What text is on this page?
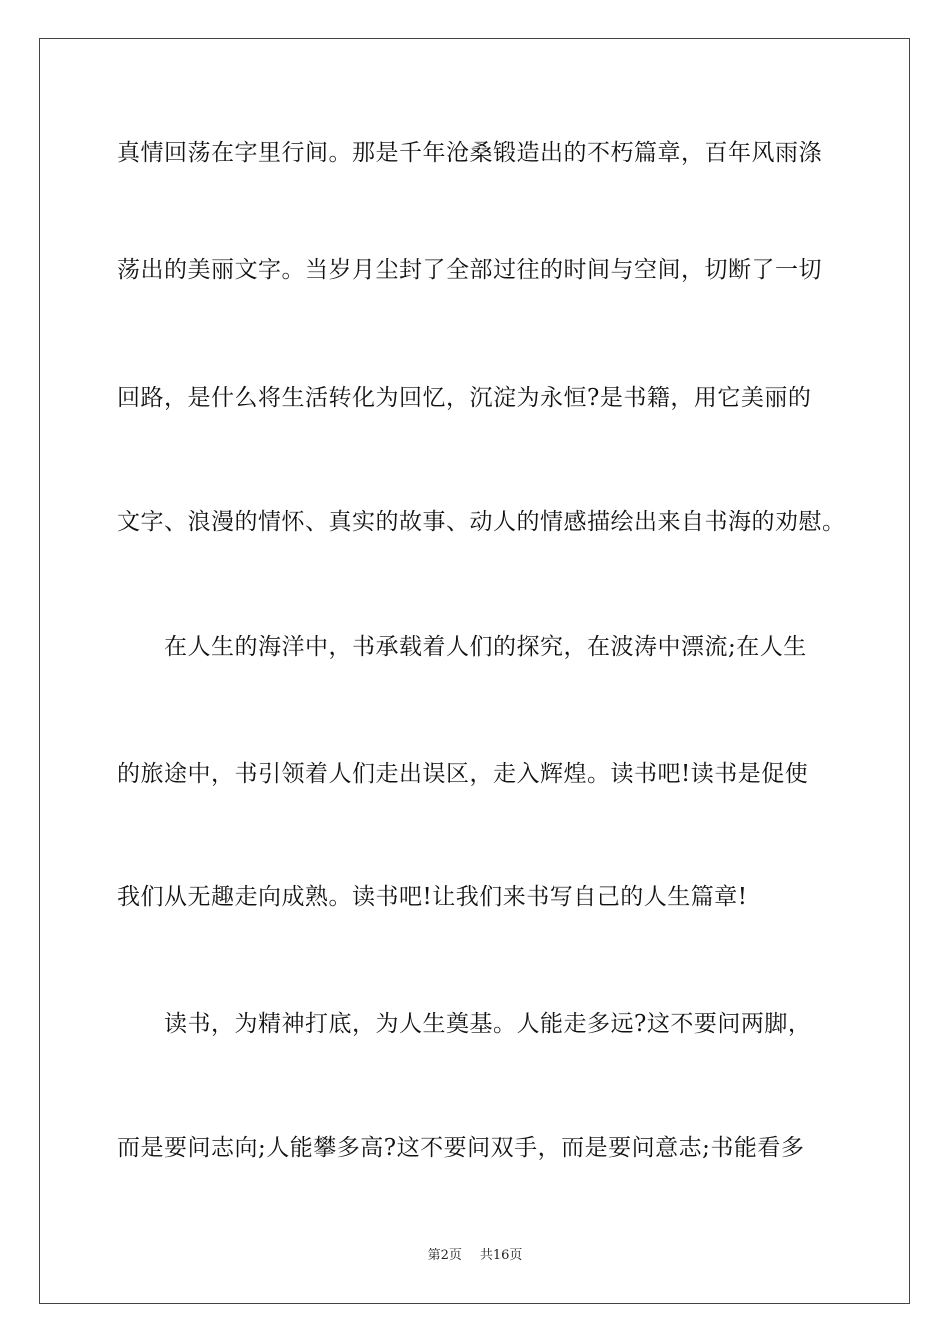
真情回荡在字里行间。那是千年沧桑锻造出的不朽篇章，百年风雨涤
荡出的美丽文字。当岁月尘封了全部过往的时间与空间，切断了一切
回路，是什么将生活转化为回忆，沉淀为永恒?是书籍，用它美丽的
文字、浪漫的情怀、真实的故事、动人的情感描绘出来自书海的劝慰。
在人生的海洋中，书承载着人们的探究，在波涛中漂流;在人生
的旅途中，书引领着人们走出误区，走入辉煌。读书吧!读书是促使
我们从无趣走向成熟。读书吧!让我们来书写自己的人生篇章!
读书，为精神打底，为人生奠基。人能走多远?这不要问两脚，
而是要问志向;人能攀多高?这不要问双手，而是要问意志;书能看多
第2页 共16页
